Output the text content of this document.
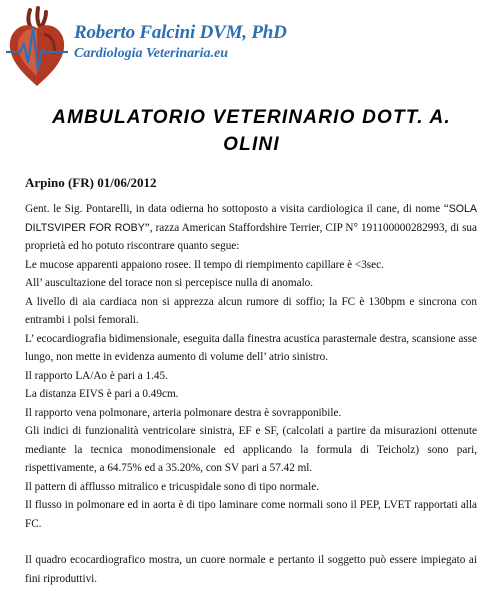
Roberto Falcini DVM, PhD
Cardiologia Veterinaria.eu
AMBULATORIO VETERINARIO DOTT. A.
OLINI
Arpino (FR) 01/06/2012

Gent. le Sig. Pontarelli, in data odierna ho sottoposto a visita cardiologica il cane, di nome “SOLA DILTSVIPER FOR ROBY”, razza American Staffordshire Terrier, CIP N° 191100000282993, di sua proprietà ed ho potuto riscontrare quanto segue:

Le mucose apparenti appaiono rosee. Il tempo di riempimento capillare è <3sec.

All’ auscultazione del torace non si percepisce nulla di anomalo.

A livello di aia cardiaca non si apprezza alcun rumore di soffio; la FC è 130bpm e sincrona con entrambi i polsi femorali.

L’ ecocardiografia bidimensionale, eseguita dalla finestra acustica parasternale destra, scansione asse lungo, non mette in evidenza aumento di volume dell’ atrio sinistro.

Il rapporto LA/Ao è pari a 1.45.

La distanza EIVS è pari a 0.49cm.

Il rapporto vena polmonare, arteria polmonare destra è sovrapponibile.

Gli indici di funzionalità ventricolare sinistra, EF e SF, (calcolati a partire da misurazioni ottenute mediante la tecnica monodimensionale ed applicando la formula di Teicholz) sono pari, rispettivamente, a 64.75% ed a 35.20%, con SV pari a 57.42 ml.

Il pattern di afflusso mitralico e tricuspidale sono di tipo normale.

Il flusso in polmonare ed in aorta è di tipo laminare come normali sono il PEP, LVET rapportati alla FC.

Il quadro ecocardiografico mostra, un cuore normale e pertanto il soggetto può essere impiegato ai fini riproduttivi.
